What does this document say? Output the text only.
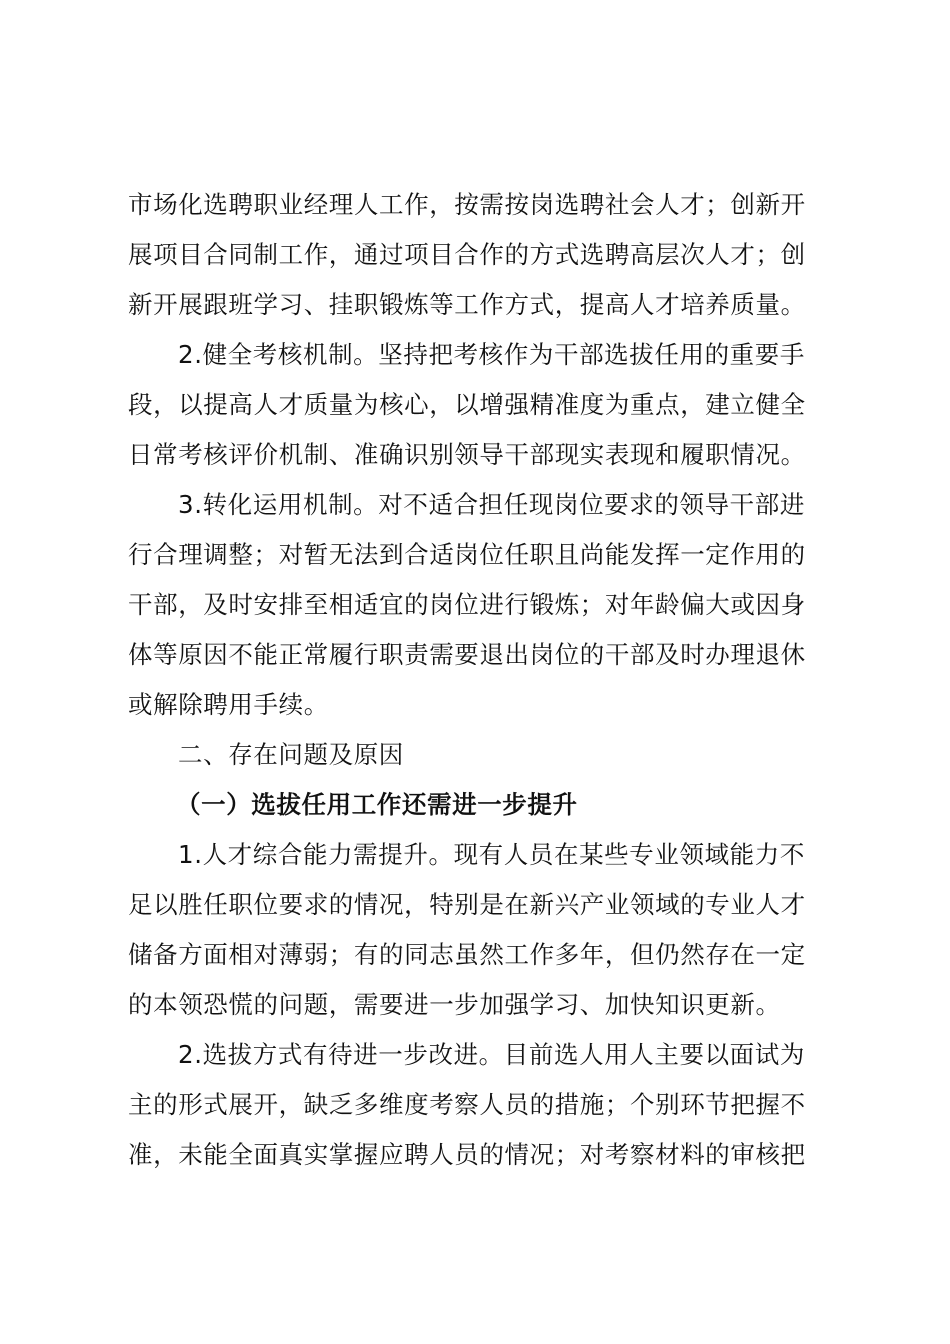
市场化选聘职业经理人工作，按需按岗选聘社会人才；创新开
展项目合同制工作，通过项目合作的方式选聘高层次人才；创
新开展跟班学习、挂职锻炼等工作方式，提高人才培养质量。
2.健全考核机制。坚持把考核作为干部选拔任用的重要手
段，以提高人才质量为核心，以增强精准度为重点，建立健全
日常考核评价机制、准确识别领导干部现实表现和履职情况。
3.转化运用机制。对不适合担任现岗位要求的领导干部进
行合理调整；对暂无法到合适岗位任职且尚能发挥一定作用的
干部，及时安排至相适宜的岗位进行锻炼；对年龄偏大或因身
体等原因不能正常履行职责需要退出岗位的干部及时办理退休
或解除聘用手续。
二、存在问题及原因
（一）选拔任用工作还需进一步提升
1.人才综合能力需提升。现有人员在某些专业领域能力不
足以胜任职位要求的情况，特别是在新兴产业领域的专业人才
储备方面相对薄弱；有的同志虽然工作多年，但仍然存在一定
的本领恐慌的问题，需要进一步加强学习、加快知识更新。
2.选拔方式有待进一步改进。目前选人用人主要以面试为
主的形式展开，缺乏多维度考察人员的措施；个别环节把握不
准，未能全面真实掌握应聘人员的情况；对考察材料的审核把
